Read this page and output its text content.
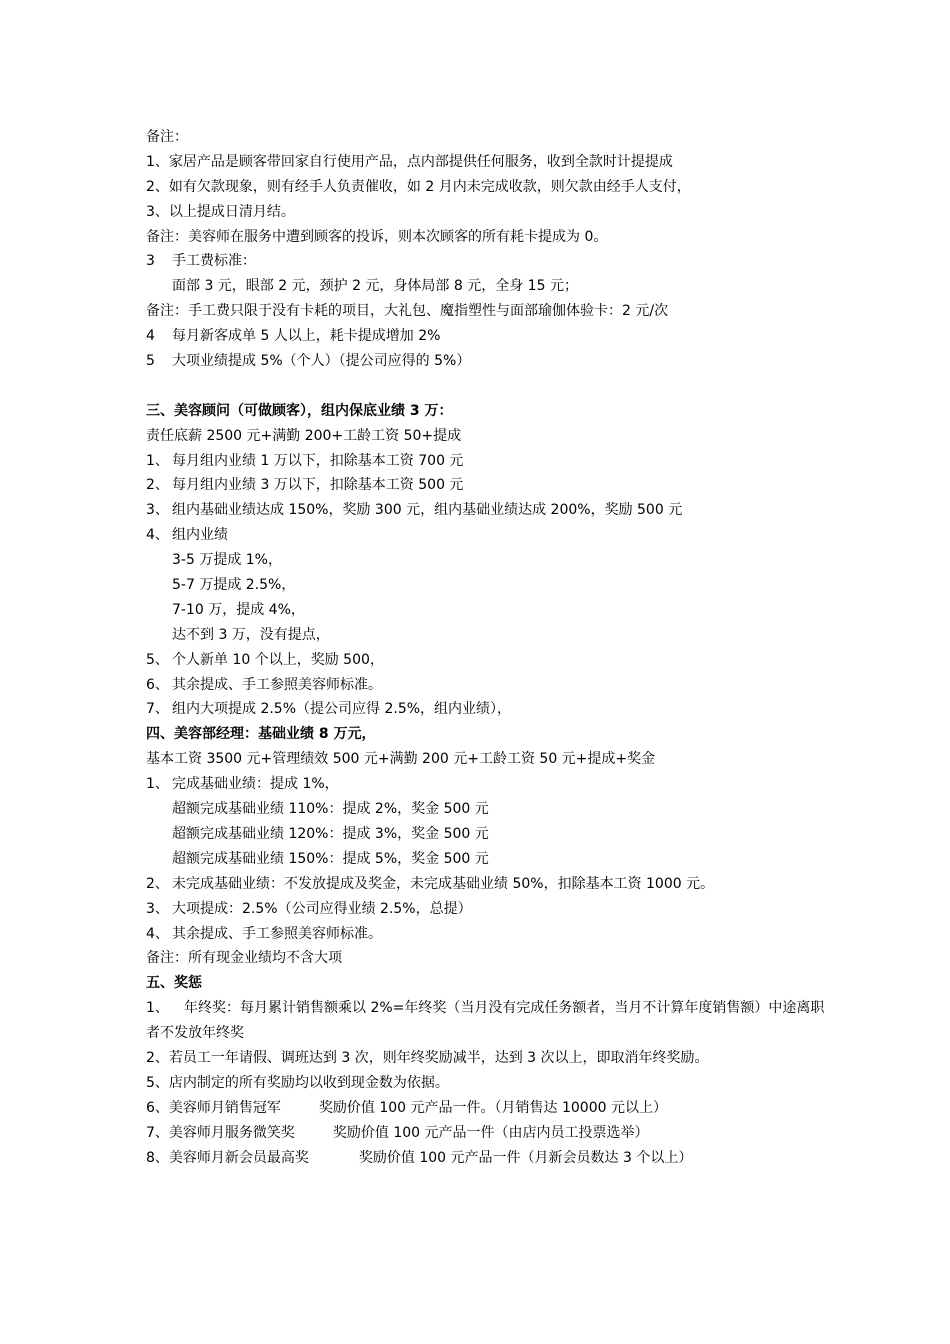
备注：
1、家居产品是顾客带回家自行使用产品，点内部提供任何服务，收到全款时计提提成
2、如有欠款现象，则有经手人负责催收，如 2 月内未完成收款，则欠款由经手人支付，
3、以上提成日清月结。
备注：美容师在服务中遭到顾客的投诉，则本次顾客的所有耗卡提成为 0。
3 手工费标准：
面部 3 元，眼部 2 元，颈护 2 元，身体局部 8 元，全身 15 元；
备注：手工费只限于没有卡耗的项目，大礼包、魔指塑性与面部瑜伽体验卡：2 元/次
4 每月新客成单 5 人以上，耗卡提成增加 2%
5 大项业绩提成 5%（个人）（提公司应得的 5%）
三、美容顾问（可做顾客），组内保底业绩 3 万：
责任底薪 2500 元+满勤 200+工龄工资 50+提成
1、 每月组内业绩 1 万以下，扣除基本工资 700 元
2、 每月组内业绩 3 万以下，扣除基本工资 500 元
3、 组内基础业绩达成 150%，奖励 300 元，组内基础业绩达成 200%，奖励 500 元
4、 组内业绩
3-5 万提成 1%，
5-7 万提成 2.5%，
7-10 万，提成 4%，
达不到 3 万，没有提点，
5、 个人新单 10 个以上，奖励 500，
6、 其余提成、手工参照美容师标准。
7、 组内大项提成 2.5%（提公司应得 2.5%，组内业绩），
四、美容部经理：基础业绩 8 万元，
基本工资 3500 元+管理绩效 500 元+满勤 200 元+工龄工资 50 元+提成+奖金
1、 完成基础业绩：提成 1%，
超额完成基础业绩 110%：提成 2%，奖金 500 元
超额完成基础业绩 120%：提成 3%，奖金 500 元
超额完成基础业绩 150%：提成 5%，奖金 500 元
2、 未完成基础业绩：不发放提成及奖金，未完成基础业绩 50%，扣除基本工资 1000 元。
3、 大项提成：2.5%（公司应得业绩 2.5%，总提）
4、 其余提成、手工参照美容师标准。
备注：所有现金业绩均不含大项
五、奖惩
1、 年终奖：每月累计销售额乘以 2%=年终奖（当月没有完成任务额者，当月不计算年度销售额）中途离职者不发放年终奖
2、若员工一年请假、调班达到 3 次，则年终奖励减半，达到 3 次以上，即取消年终奖励。
5、店内制定的所有奖励均以收到现金数为依据。
6、美容师月销售冠军	奖励价值 100 元产品一件。（月销售达 10000 元以上）
7、美容师月服务微笑奖	奖励价值 100 元产品一件（由店内员工投票选举）
8、美容师月新会员最高奖	奖励价值 100 元产品一件（月新会员数达 3 个以上）
